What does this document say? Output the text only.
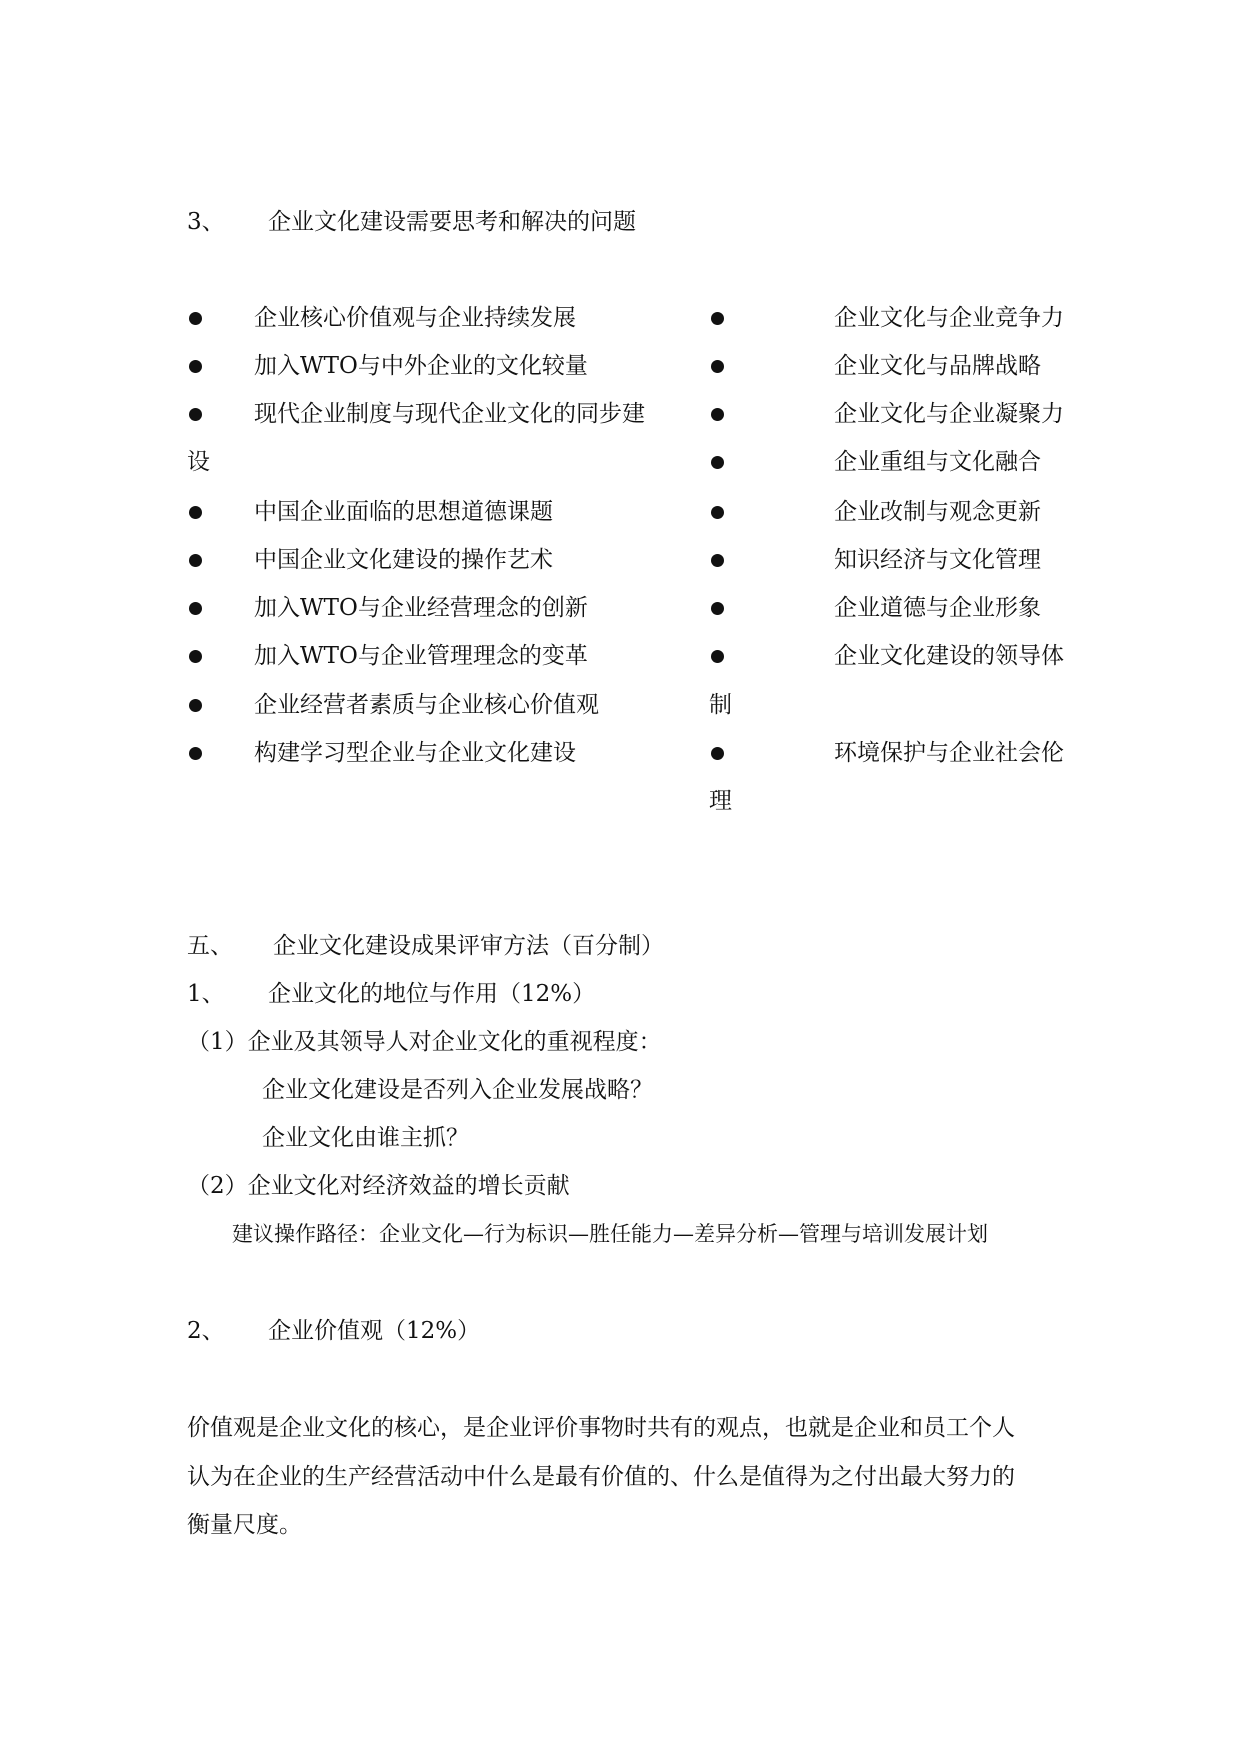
3、 企业文化建设需要思考和解决的问题
企业核心价值观与企业持续发展
加入WTO与中外企业的文化较量
现代企业制度与现代企业文化的同步建
设
中国企业面临的思想道德课题
中国企业文化建设的操作艺术
加入WTO与企业经营理念的创新
加入WTO与企业管理理念的变革
企业经营者素质与企业核心价值观
构建学习型企业与企业文化建设
企业文化与企业竞争力
企业文化与品牌战略
企业文化与企业凝聚力
企业重组与文化融合
企业改制与观念更新
知识经济与文化管理
企业道德与企业形象
企业文化建设的领导体
制
环境保护与企业社会伦
理
五、 企业文化建设成果评审方法（百分制）
1、 企业文化的地位与作用（12%）
（1）企业及其领导人对企业文化的重视程度：
企业文化建设是否列入企业发展战略？
企业文化由谁主抓？
（2）企业文化对经济效益的增长贡献
建议操作路径：企业文化—行为标识—胜任能力—差异分析—管理与培训发展计划
2、 企业价值观（12%）
价值观是企业文化的核心，是企业评价事物时共有的观点，也就是企业和员工个人
认为在企业的生产经营活动中什么是最有价值的、什么是值得为之付出最大努力的
衡量尺度。
